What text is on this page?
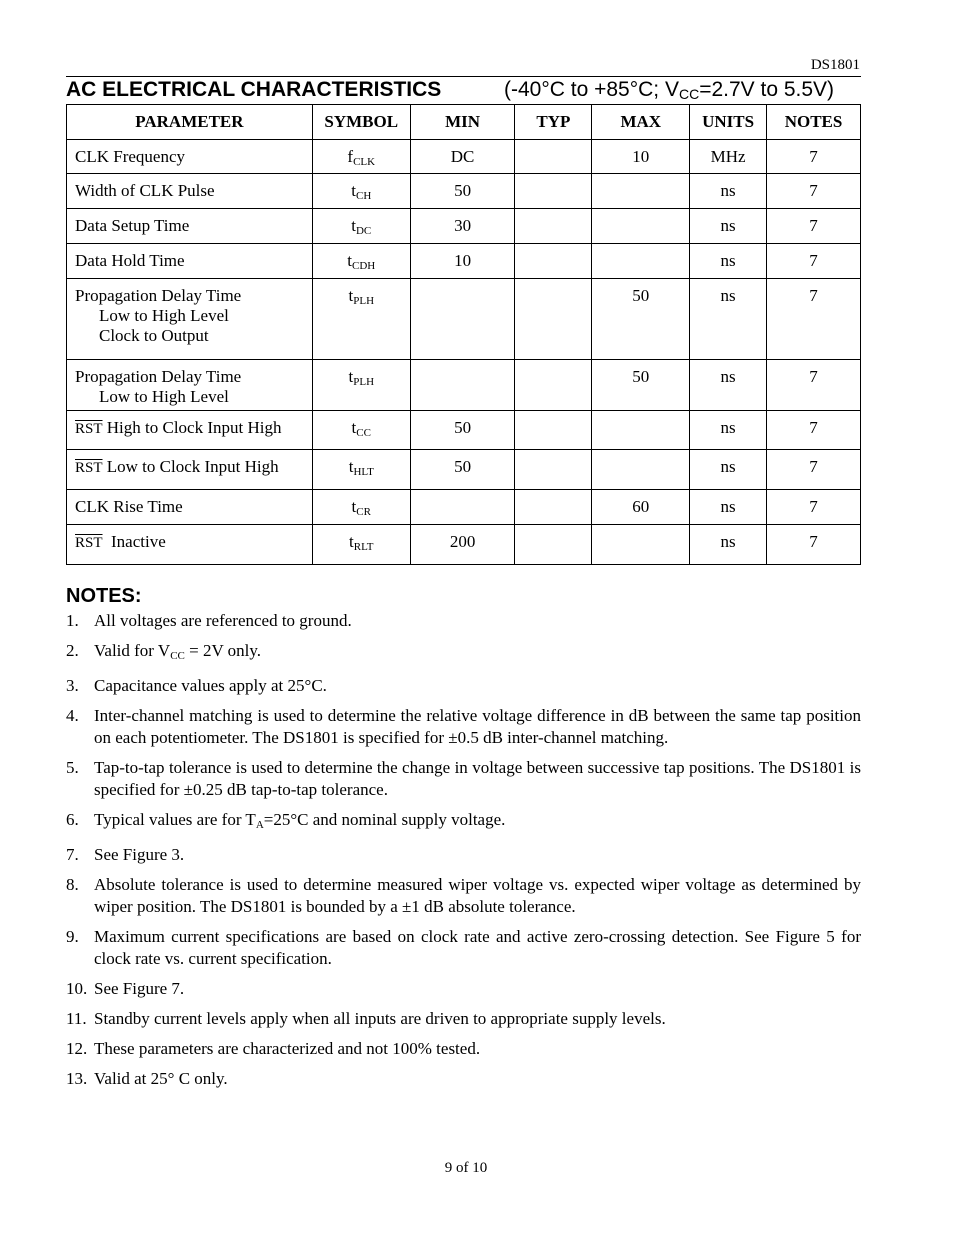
DS1801
AC ELECTRICAL CHARACTERISTICS	(-40°C to +85°C; $V_{CC}=2.7V$ to 5.5V)
PARAMETER	SYMBOL	MIN	TYP	MAX	UNITS	NOTES

CLK Frequency	$f_{CLK}$	DC		10	MHz	7

Width of CLK Pulse	$t_{CH}$	50			ns	7

Data Setup Time	$t_{DC}$	30			ns	7

Data Hold Time	$t_{CDH}$	10			ns	7

Propagation Delay Time
Low to High Level
Clock to Output	$t_{PLH}$			50	ns	7

Propagation Delay Time
Low to High Level	$t_{PLH}$			50	ns	7

$\overline{RST}$ High to Clock Input High	$t_{CC}$	50			ns	7

$\overline{RST}$ Low to Clock Input High	$t_{HLT}$	50			ns	7

CLK Rise Time	$t_{CR}$			60	ns	7

$\overline{RST}$  Inactive	$t_{RLT}$	200			ns	7
NOTES:
1. All voltages are referenced to ground.
2. Valid for $V_{CC} = 2V$ only.
3. Capacitance values apply at 25°C.
4. Inter-channel matching is used to determine the relative voltage difference in dB between the same tap position on each potentiometer. The DS1801 is specified for ±0.5 dB inter-channel matching.
5. Tap-to-tap tolerance is used to determine the change in voltage between successive tap positions. The DS1801 is specified for ±0.25 dB tap-to-tap tolerance.
6. Typical values are for $T_A=25^\circ C$ and nominal supply voltage.
7. See Figure 3.
8. Absolute tolerance is used to determine measured wiper voltage vs. expected wiper voltage as determined by wiper position. The DS1801 is bounded by a ±1 dB absolute tolerance.
9. Maximum current specifications are based on clock rate and active zero-crossing detection. See Figure 5 for clock rate vs. current specification.
10. See Figure 7.
11. Standby current levels apply when all inputs are driven to appropriate supply levels.
12. These parameters are characterized and not 100% tested.
13. Valid at 25° C only.
9 of 10
